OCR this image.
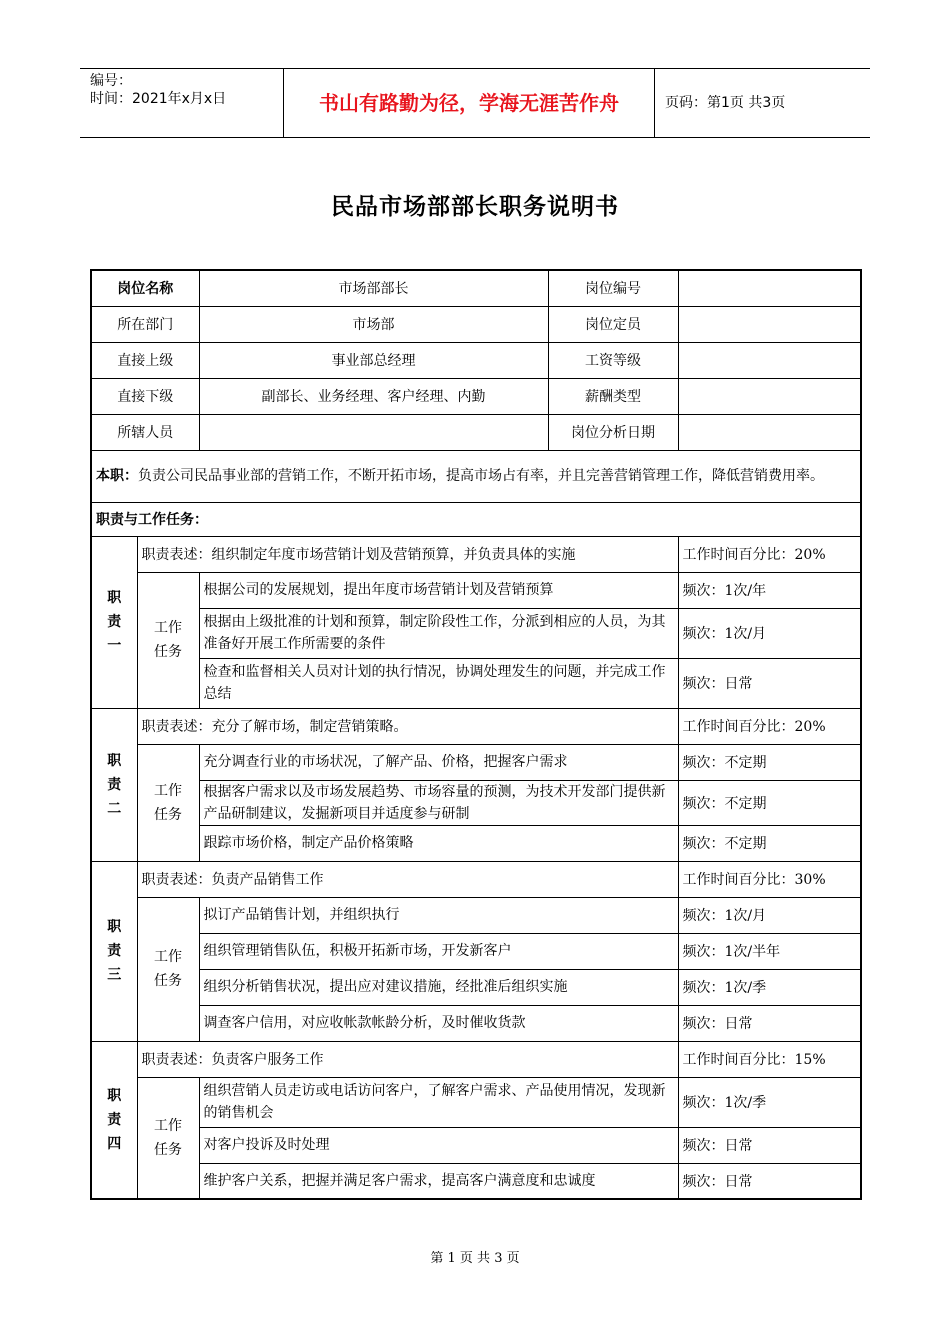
编号：
时间：2021年x月x日	书山有路勤为径，学海无涯苦作舟	页码：第1页 共3页
民品市场部部长职务说明书
岗位名称		市场部部长	岗位编号	
所在部门		市场部	岗位定员	
直接上级		事业部总经理	工资等级	
直接下级		副部长、业务经理、客户经理、内勤	薪酬类型	
所辖人员			岗位分析日期	
本职：负责公司民品事业部的营销工作，不断开拓市场，提高市场占有率，并且完善营销管理工作，降低营销费用率。				
职责与工作任务：				
职责一	职责表述：组织制定年度市场营销计划及营销预算，并负责具体的实施			工作时间百分比：20%
	工作任务	根据公司的发展规划，提出年度市场营销计划及营销预算		频次：1次/年
		根据由上级批准的计划和预算，制定阶段性工作，分派到相应的人员，为其准备好开展工作所需要的条件		频次：1次/月
		检查和监督相关人员对计划的执行情况，协调处理发生的问题，并完成工作总结		频次：日常
职责二	职责表述：充分了解市场，制定营销策略。			工作时间百分比：20%
	工作任务	充分调查行业的市场状况，了解产品、价格，把握客户需求		频次：不定期
		根据客户需求以及市场发展趋势、市场容量的预测，为技术开发部门提供新产品研制建议，发掘新项目并适度参与研制		频次：不定期
		跟踪市场价格，制定产品价格策略		频次：不定期
职责三	职责表述：负责产品销售工作			工作时间百分比：30%
	工作任务	拟订产品销售计划，并组织执行		频次：1次/月
		组织管理销售队伍，积极开拓新市场，开发新客户		频次：1次/半年
		组织分析销售状况，提出应对建议措施，经批准后组织实施		频次：1次/季
		调查客户信用，对应收帐款帐龄分析，及时催收货款		频次：日常
职责四	职责表述：负责客户服务工作			工作时间百分比：15%
	工作任务	组织营销人员走访或电话访问客户，了解客户需求、产品使用情况，发现新的销售机会		频次：1次/季
		对客户投诉及时处理		频次：日常
		维护客户关系，把握并满足客户需求，提高客户满意度和忠诚度		频次：日常
第 1 页 共 3 页
